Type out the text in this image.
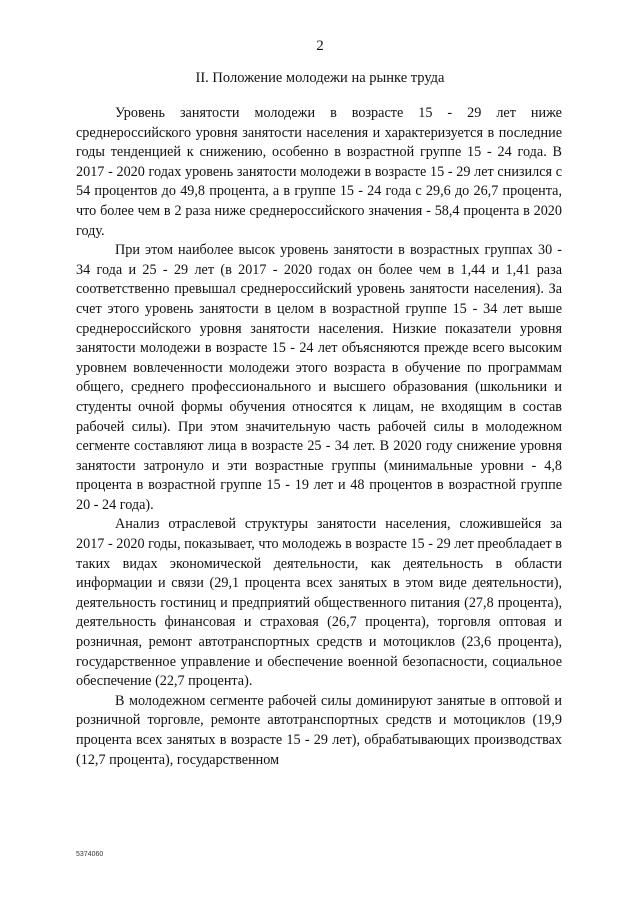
2
II. Положение молодежи на рынке труда

Уровень занятости молодежи в возрасте 15 - 29 лет ниже среднероссийского уровня занятости населения и характеризуется в последние годы тенденцией к снижению, особенно в возрастной группе 15 - 24 года. В 2017 - 2020 годах уровень занятости молодежи в возрасте 15 - 29 лет снизился с 54 процентов до 49,8 процента, а в группе 15 - 24 года с 29,6 до 26,7 процента, что более чем в 2 раза ниже среднероссийского значения - 58,4 процента в 2020 году.

При этом наиболее высок уровень занятости в возрастных группах 30 - 34 года и 25 - 29 лет (в 2017 - 2020 годах он более чем в 1,44 и 1,41 раза соответственно превышал среднероссийский уровень занятости населения). За счет этого уровень занятости в целом в возрастной группе 15 - 34 лет выше среднероссийского уровня занятости населения. Низкие показатели уровня занятости молодежи в возрасте 15 - 24 лет объясняются прежде всего высоким уровнем вовлеченности молодежи этого возраста в обучение по программам общего, среднего профессионального и высшего образования (школьники и студенты очной формы обучения относятся к лицам, не входящим в состав рабочей силы). При этом значительную часть рабочей силы в молодежном сегменте составляют лица в возрасте 25 - 34 лет. В 2020 году снижение уровня занятости затронуло и эти возрастные группы (минимальные уровни - 4,8 процента в возрастной группе 15 - 19 лет и 48 процентов в возрастной группе 20 - 24 года).

Анализ отраслевой структуры занятости населения, сложившейся за 2017 - 2020 годы, показывает, что молодежь в возрасте 15 - 29 лет преобладает в таких видах экономической деятельности, как деятельность в области информации и связи (29,1 процента всех занятых в этом виде деятельности), деятельность гостиниц и предприятий общественного питания (27,8 процента), деятельность финансовая и страховая (26,7 процента), торговля оптовая и розничная, ремонт автотранспортных средств и мотоциклов (23,6 процента), государственное управление и обеспечение военной безопасности, социальное обеспечение (22,7 процента).

В молодежном сегменте рабочей силы доминируют занятые в оптовой и розничной торговле, ремонте автотранспортных средств и мотоциклов (19,9 процента всех занятых в возрасте 15 - 29 лет), обрабатывающих производствах (12,7 процента), государственном

5374060
